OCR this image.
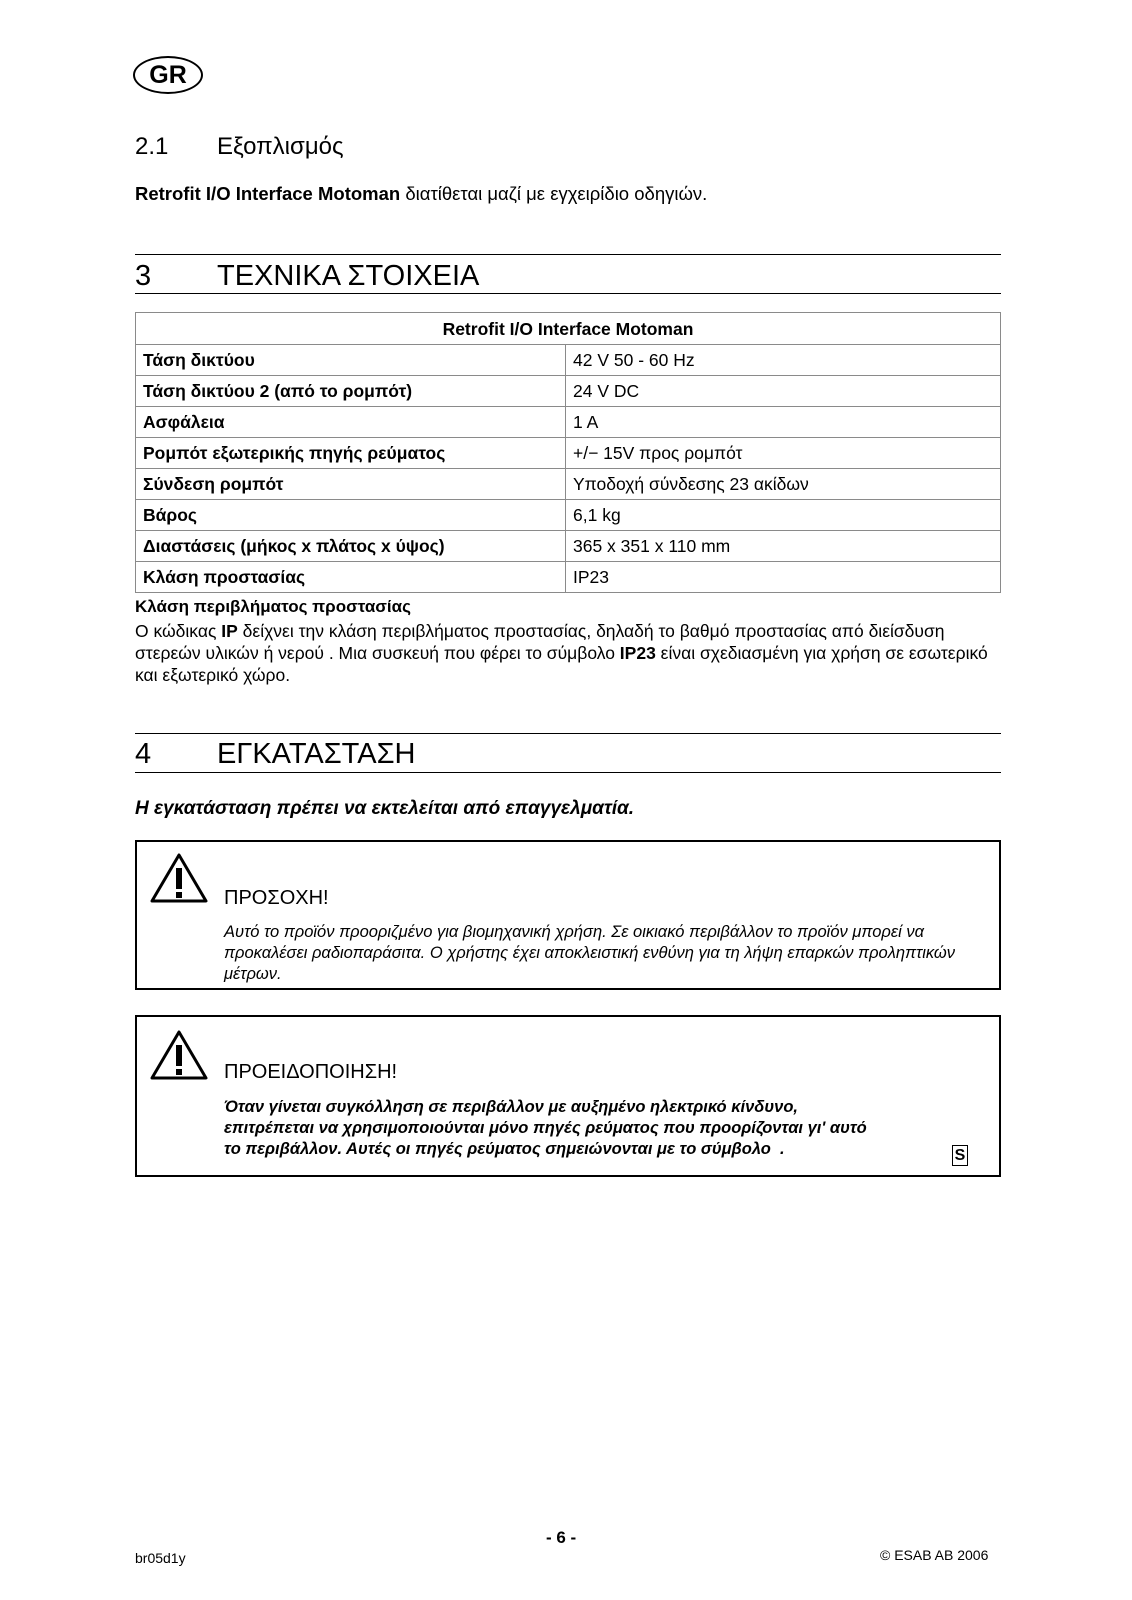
GR
2.1 Εξοπλισμός
Retrofit I/O Interface Motoman διατίθεται μαζί με εγχειρίδιο οδηγιών.
3 ΤΕΧΝΙΚΑ ΣΤΟΙΧΕΙΑ
Retrofit I/O Interface Motoman	
Τάση δικτύου	42 V 50 - 60 Hz
Τάση δικτύου 2 (από το ρομπότ)	24 V DC
Ασφάλεια	1 A
Ρομπότ εξωτερικής πηγής ρεύματος	+/− 15V προς ρομπότ
Σύνδεση ρομπότ	Υποδοχή σύνδεσης 23 ακίδων
Βάρος	6,1 kg
Διαστάσεις (μήκος x πλάτος x ύψος)	365 x 351 x 110 mm
Κλάση προστασίας	IP23
Κλάση περιβλήματος προστασίας
Ο κώδικας IP δείχνει την κλάση περιβλήματος προστασίας, δηλαδή το βαθμό προστασίας από διείσδυση στερεών υλικών ή νερού . Μια συσκευή που φέρει το σύμβολο IP23 είναι σχεδιασμένη για χρήση σε εσωτερικό και εξωτερικό χώρο.
4 ΕΓΚΑΤΑΣΤΑΣΗ
Η εγκατάσταση πρέπει να εκτελείται από επαγγελματία.
ΠΡΟΣΟΧΗ!
Αυτό το προϊόν προοριζμένο για βιομηχανική χρήση. Σε οικιακό περιβάλλον το προϊόν μπορεί να προκαλέσει ραδιοπαράσιτα. Ο χρήστης έχει αποκλειστική ενθύνη για τη λήψη επαρκών προληπτικών μέτρων.
ΠΡΟΕΙΔΟΠΟΙΗΣΗ!
Όταν γίνεται συγκόλληση σε περιβάλλον με αυξημένο ηλεκτρικό κίνδυνο,
επιτρέπεται να χρησιμοποιούνται μόνο πηγές ρεύματος που προορίζονται γι' αυτό
το περιβάλλον. Αυτές οι πηγές ρεύματος σημειώνονται με το σύμβολο  .	S
- 6 -
br05d1y	© ESAB AB 2006
